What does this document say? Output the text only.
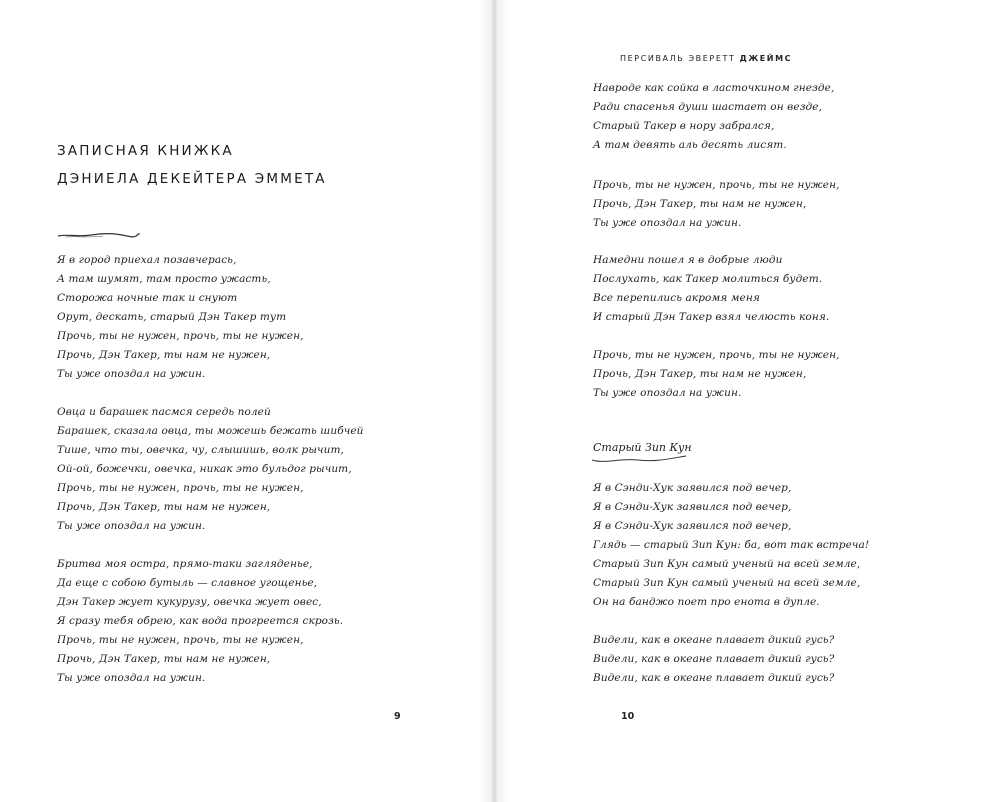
ЗАПИСНАЯ КНИЖКА
ДЭНИЕЛА ДЕКЕЙТЕРА ЭММЕТА
Я в город приехал позавчерась,
А там шумят, там просто ужасть,
Сторожа ночные так и снуют
Орут, дескать, старый Дэн Такер тут
Прочь, ты не нужен, прочь, ты не нужен,
Прочь, Дэн Такер, ты нам не нужен,
Ты уже опоздал на ужин.
Овца и барашек пасмся середь полей
Барашек, сказала овца, ты можешь бежать шибчей
Тише, что ты, овечка, чу, слышишь, волк рычит,
Ой-ой, божечки, овечка, никак это бульдог рычит,
Прочь, ты не нужен, прочь, ты не нужен,
Прочь, Дэн Такер, ты нам не нужен,
Ты уже опоздал на ужин.
Бритва моя остра, прямо-таки загляденье,
Да еще с собою бутыль — славное угощенье,
Дэн Такер жует кукурузу, овечка жует овес,
Я сразу тебя обрею, как вода прогреется скрозь.
Прочь, ты не нужен, прочь, ты не нужен,
Прочь, Дэн Такер, ты нам не нужен,
Ты уже опоздал на ужин.
9
ПЕРСИВАЛЬ ЭВЕРЕТТ ДЖЕЙМС
Навроде как сойка в ласточкином гнезде,
Ради спасенья души шастает он везде,
Старый Такер в нору забрался,
А там девять аль десять лисят.
Прочь, ты не нужен, прочь, ты не нужен,
Прочь, Дэн Такер, ты нам не нужен,
Ты уже опоздал на ужин.
Намедни пошел я в добрые люди
Послухать, как Такер молиться будет.
Все перепились акромя меня
И старый Дэн Такер взял челюсть коня.
Прочь, ты не нужен, прочь, ты не нужен,
Прочь, Дэн Такер, ты нам не нужен,
Ты уже опоздал на ужин.
Старый Зип Кун
Я в Сэнди-Хук заявился под вечер,
Я в Сэнди-Хук заявился под вечер,
Я в Сэнди-Хук заявился под вечер,
Глядь — старый Зип Кун: ба, вот так встреча!
Старый Зип Кун самый ученый на всей земле,
Старый Зип Кун самый ученый на всей земле,
Он на банджо поет про енота в дупле.
Видели, как в океане плавает дикий гусь?
Видели, как в океане плавает дикий гусь?
Видели, как в океане плавает дикий гусь?
10
